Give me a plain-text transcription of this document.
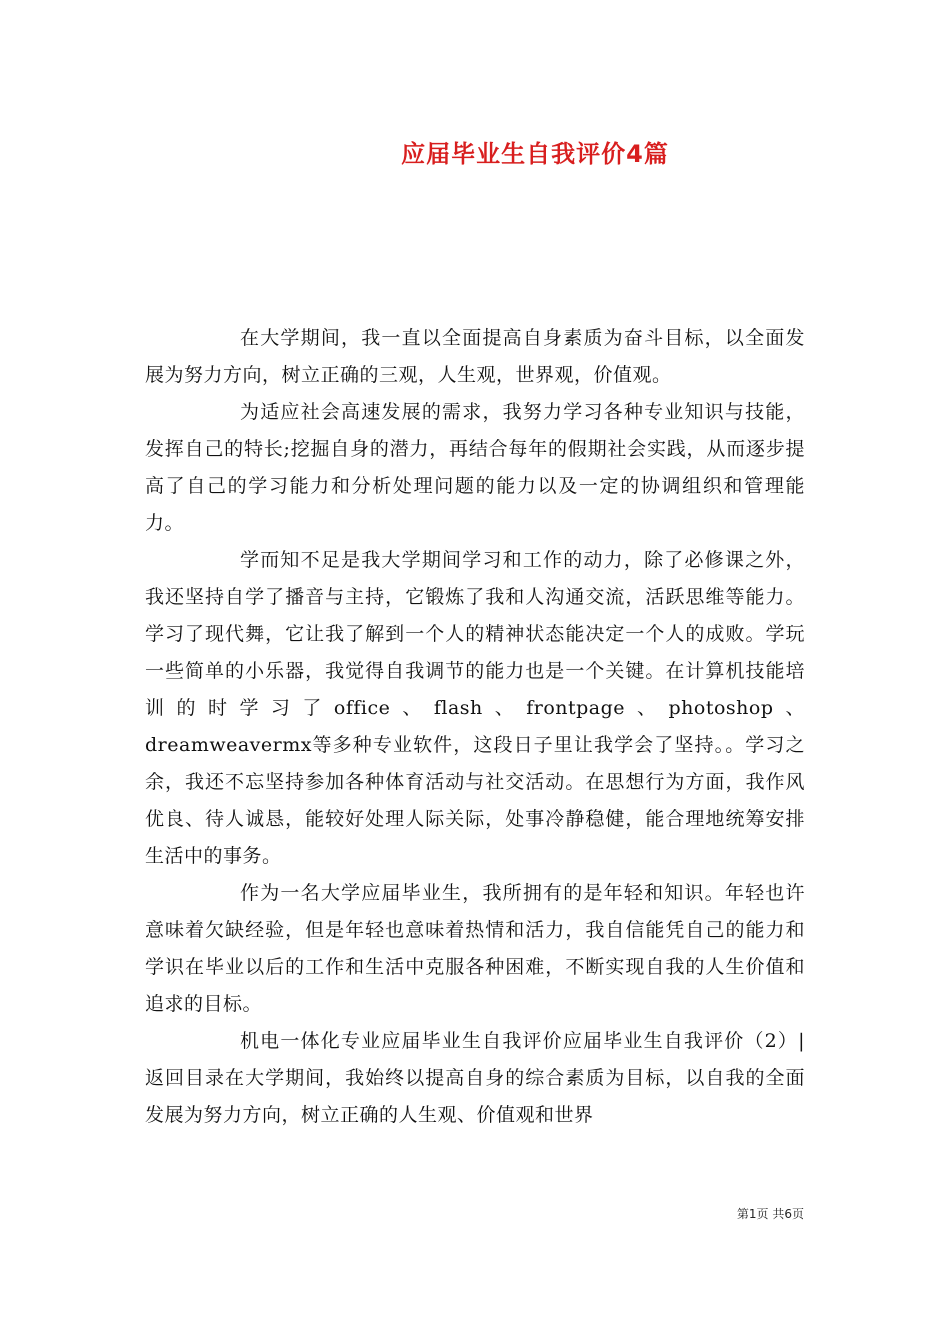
应届毕业生自我评价4篇

在大学期间，我一直以全面提高自身素质为奋斗目标，以全面发展为努力方向，树立正确的三观，人生观，世界观，价值观。

为适应社会高速发展的需求，我努力学习各种专业知识与技能，发挥自己的特长;挖掘自身的潜力，再结合每年的假期社会实践，从而逐步提高了自己的学习能力和分析处理问题的能力以及一定的协调组织和管理能力。

学而知不足是我大学期间学习和工作的动力，除了必修课之外，我还坚持自学了播音与主持，它锻炼了我和人沟通交流，活跃思维等能力。学习了现代舞，它让我了解到一个人的精神状态能决定一个人的成败。学玩一些简单的小乐器，我觉得自我调节的能力也是一个关键。在计算机技能培训的时学习了office、flash、frontpage、photoshop、dreamweavermx等多种专业软件，这段日子里让我学会了坚持。。学习之余，我还不忘坚持参加各种体育活动与社交活动。在思想行为方面，我作风优良、待人诚恳，能较好处理人际关际，处事冷静稳健，能合理地统筹安排生活中的事务。

作为一名大学应届毕业生，我所拥有的是年轻和知识。年轻也许意味着欠缺经验，但是年轻也意味着热情和活力，我自信能凭自己的能力和学识在毕业以后的工作和生活中克服各种困难，不断实现自我的人生价值和追求的目标。

机电一体化专业应届毕业生自我评价应届毕业生自我评价（2）|返回目录在大学期间，我始终以提高自身的综合素质为目标，以自我的全面发展为努力方向，树立正确的人生观、价值观和世界

第1页 共6页
